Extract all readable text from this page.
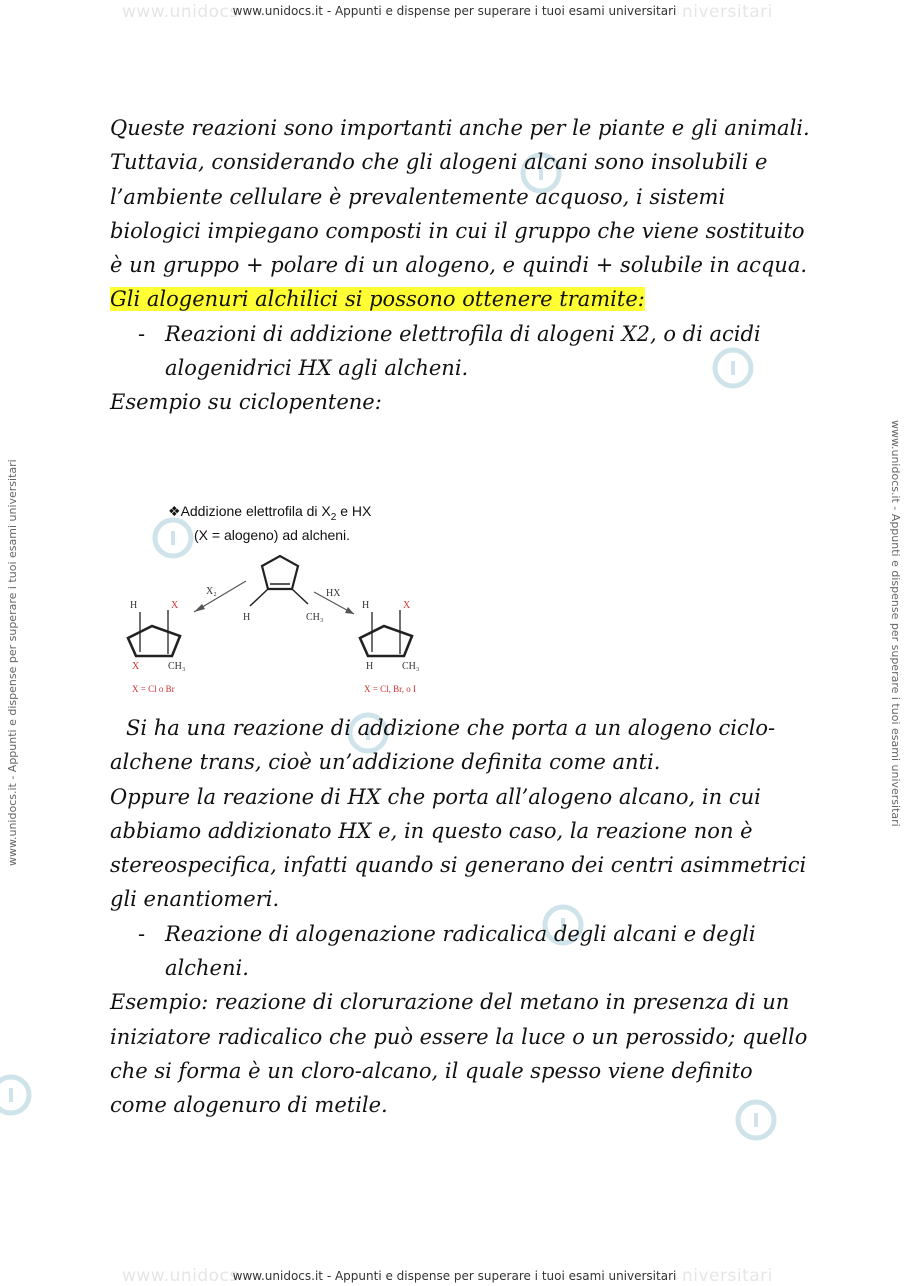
www.unidocs	niversitari
www.unidocs.it - Appunti e dispense per superare i tuoi esami universitari
www.unidocs	niversitari
www.unidocs.it - Appunti e dispense per superare i tuoi esami universitari
www.unidocs.it - Appunti e dispense per superare i tuoi esami universitari	www.unidocs.it - Appunti e dispense per superare i tuoi esami universitari

Queste reazioni sono importanti anche per le piante e gli animali.

Tuttavia, considerando che gli alogeni alcani sono insolubili e l’ambiente cellulare è prevalentemente acquoso, i sistemi biologici impiegano composti in cui il gruppo che viene sostituito è un gruppo + polare di un alogeno, e quindi + solubile in acqua.

Gli alogenuri alchilici si possono ottenere tramite:

- Reazioni di addizione elettrofila di alogeni X2, o di acidi alogenidrici HX agli alcheni.

Esempio su ciclopentene:

❖Addizione elettrofila di $X_2$ e HX
(X = alogeno) ad alcheni.
H	CH₃
X₂	HX
H	X
X	CH₃
X = Cl o Br
H	X
H	CH₃
X = Cl, Br, o I

Si ha una reazione di addizione che porta a un alogeno ciclo-alchene trans, cioè un’addizione definita come anti.

Oppure la reazione di HX che porta all’alogeno alcano, in cui abbiamo addizionato HX e, in questo caso, la reazione non è stereospecifica, infatti quando si generano dei centri asimmetrici gli enantiomeri.

- Reazione di alogenazione radicalica degli alcani e degli alcheni.

Esempio: reazione di clorurazione del metano in presenza di un iniziatore radicalico che può essere la luce o un perossido; quello che si forma è un cloro-alcano, il quale spesso viene definito come alogenuro di metile.
